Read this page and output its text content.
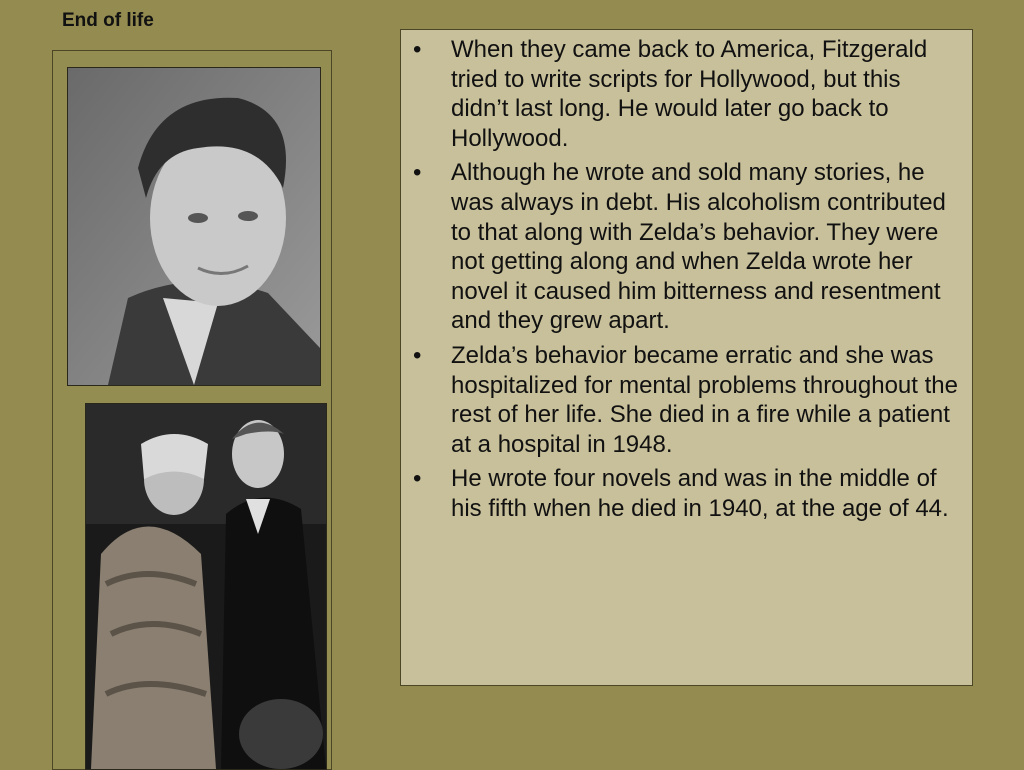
End of life
• When they came back to America, Fitzgerald tried to write scripts for Hollywood, but this didn’t last long. He would later go back to Hollywood.
• Although he wrote and sold many stories, he was always in debt. His alcoholism contributed to that along with Zelda’s behavior. They were not getting along and when Zelda wrote her novel it caused him bitterness and resentment and they grew apart.
• Zelda’s behavior became erratic and she was hospitalized for mental problems throughout the rest of her life. She died in a fire while a patient at a hospital in 1948.
• He wrote four novels and was in the middle of his fifth when he died in 1940, at the age of 44.
